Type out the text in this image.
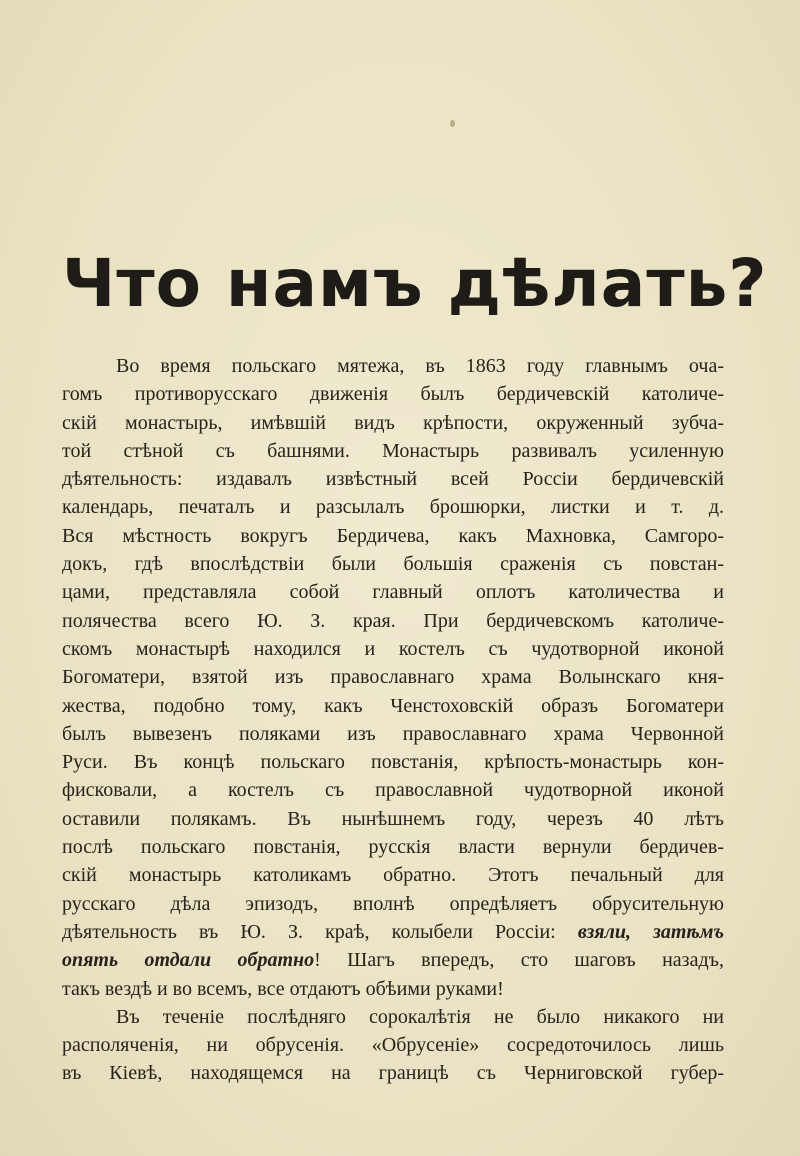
Что намъ дѣлать?
Во время польскаго мятежа, въ 1863 году главнымъ оча-
гомъ противорусскаго движенія былъ бердичевскій католиче-
скій монастырь, имѣвшій видъ крѣпости, окруженный зубча-
той стѣной съ башнями. Монастырь развивалъ усиленную
дѣятельность: издавалъ извѣстный всей Россіи бердичевскій
календарь, печаталъ и разсылалъ брошюрки, листки и т. д.
Вся мѣстность вокругъ Бердичева, какъ Махновка, Самгоро-
докъ, гдѣ впослѣдствіи были большія сраженія съ повстан-
цами, представляла собой главный оплотъ католичества и
полячества всего Ю. З. края. При бердичевскомъ католиче-
скомъ монастырѣ находился и костелъ съ чудотворной иконой
Богоматери, взятой изъ православнаго храма Волынскаго кня-
жества, подобно тому, какъ Ченстоховскій образъ Богоматери
былъ вывезенъ поляками изъ православнаго храма Червонной
Руси. Въ концѣ польскаго повстанія, крѣпость-монастырь кон-
фисковали, а костелъ съ православной чудотворной иконой
оставили полякамъ. Въ нынѣшнемъ году, черезъ 40 лѣтъ
послѣ польскаго повстанія, русскія власти вернули бердичев-
скій монастырь католикамъ обратно. Этотъ печальный для
русскаго дѣла эпизодъ, вполнѣ опредѣляетъ обрусительную
дѣятельность въ Ю. З. краѣ, колыбели Россіи: взяли, затѣмъ
опять отдали обратно! Шагъ впередъ, сто шаговъ назадъ,
такъ вездѣ и во всемъ, все отдаютъ обѣими руками!
Въ теченіе послѣдняго сорокалѣтія не было никакого ни
располяченія, ни обрусенія. «Обрусеніе» сосредоточилось лишь
въ Кіевѣ, находящемся на границѣ съ Черниговской губер-
